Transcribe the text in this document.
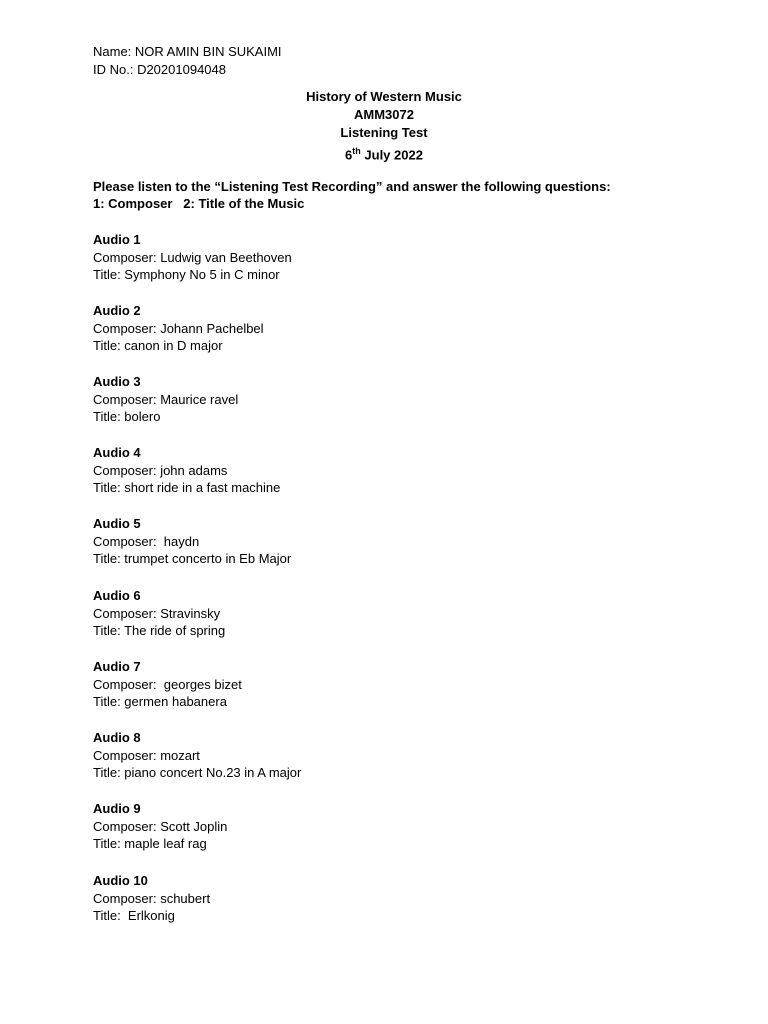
Name: NOR AMIN BIN SUKAIMI
ID No.: D20201094048
History of Western Music
AMM3072
Listening Test
6th July 2022
Please listen to the “Listening Test Recording” and answer the following questions:
1: Composer   2: Title of the Music
Audio 1
Composer: Ludwig van Beethoven
Title: Symphony No 5 in C minor
Audio 2
Composer: Johann Pachelbel
Title: canon in D major
Audio 3
Composer: Maurice ravel
Title: bolero
Audio 4
Composer: john adams
Title: short ride in a fast machine
Audio 5
Composer:  haydn
Title: trumpet concerto in Eb Major
Audio 6
Composer: Stravinsky
Title: The ride of spring
Audio 7
Composer:  georges bizet
Title: germen habanera
Audio 8
Composer: mozart
Title: piano concert No.23 in A major
Audio 9
Composer: Scott Joplin
Title: maple leaf rag
Audio 10
Composer: schubert
Title:  Erlkonig
